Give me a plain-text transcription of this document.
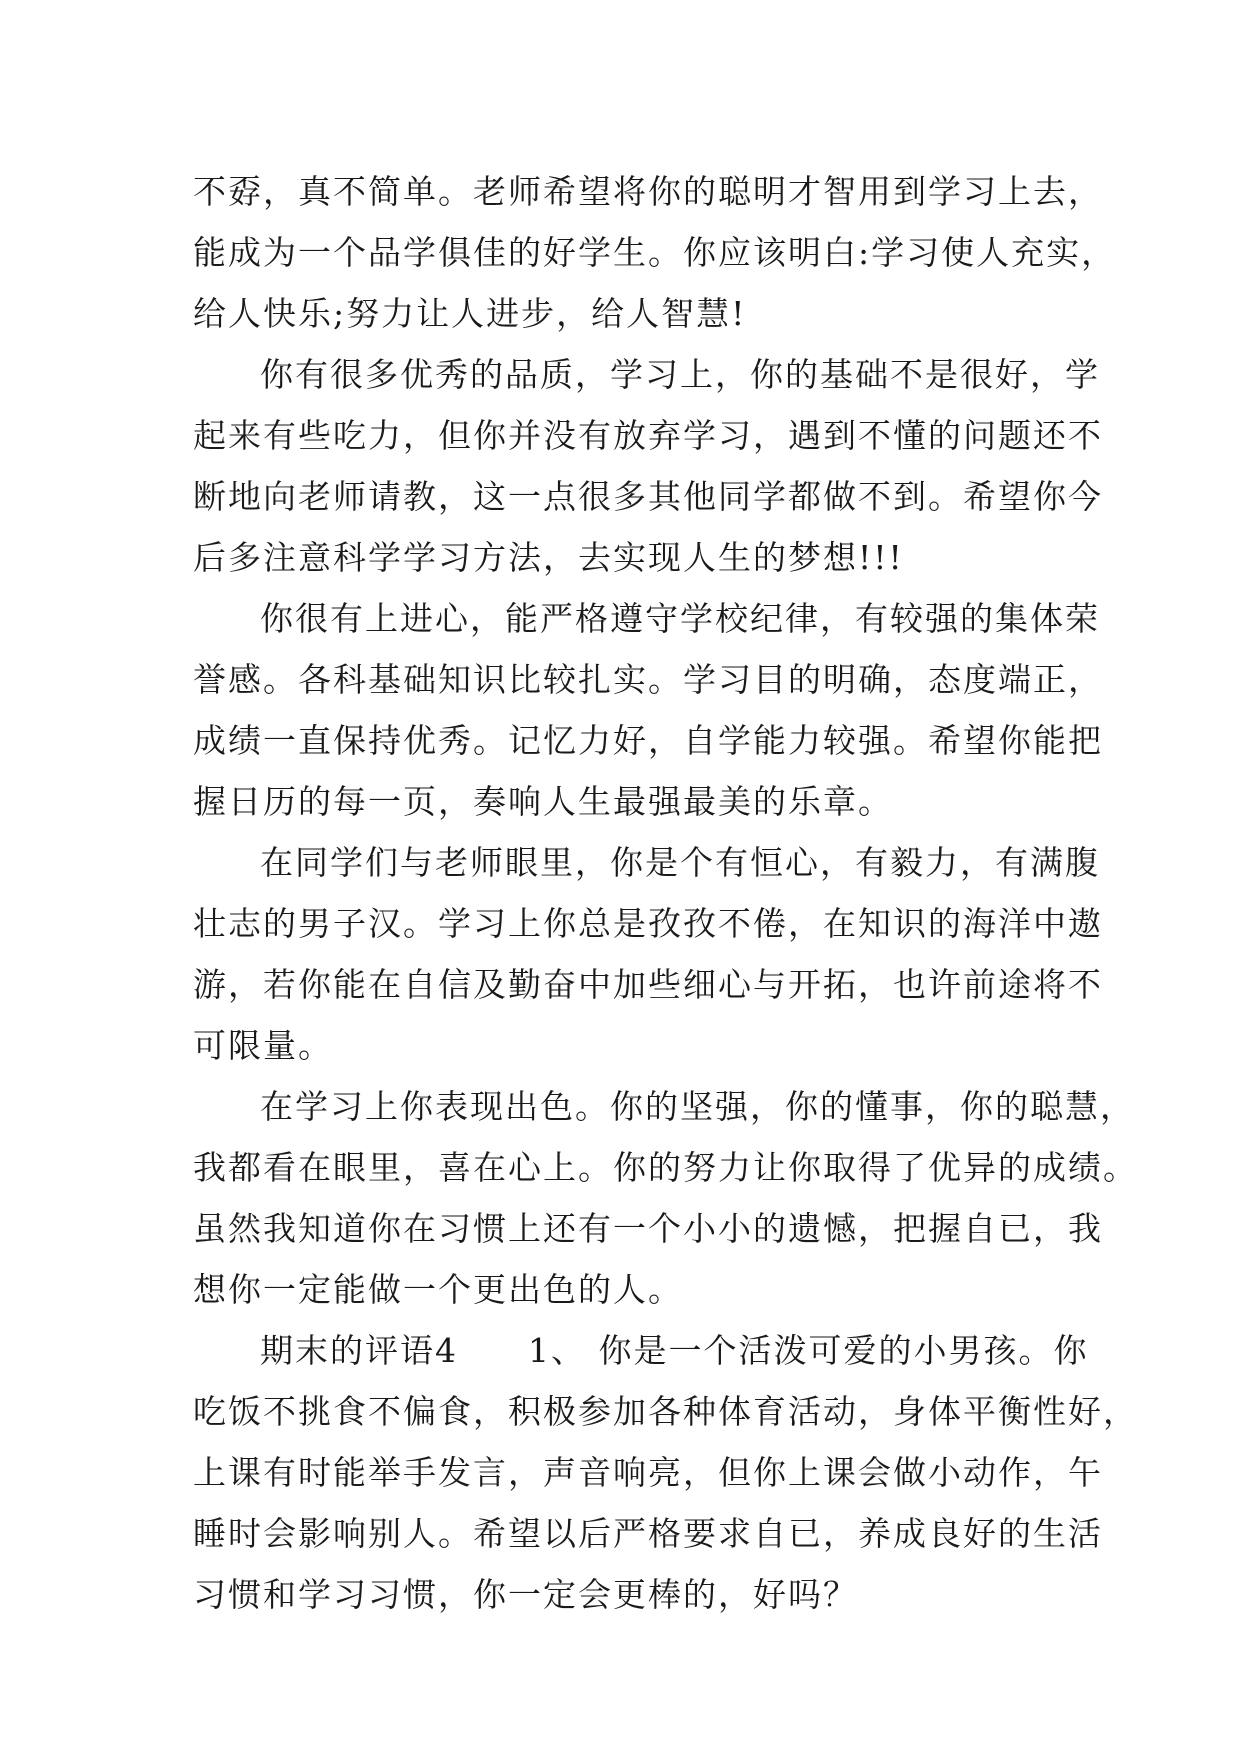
不孬，真不简单。老师希望将你的聪明才智用到学习上去，
能成为一个品学俱佳的好学生。你应该明白:学习使人充实，
给人快乐;努力让人进步，给人智慧!
你有很多优秀的品质，学习上，你的基础不是很好，学
起来有些吃力，但你并没有放弃学习，遇到不懂的问题还不
断地向老师请教，这一点很多其他同学都做不到。希望你今
后多注意科学学习方法，去实现人生的梦想!!!
你很有上进心，能严格遵守学校纪律，有较强的集体荣
誉感。各科基础知识比较扎实。学习目的明确，态度端正，
成绩一直保持优秀。记忆力好，自学能力较强。希望你能把
握日历的每一页，奏响人生最强最美的乐章。
在同学们与老师眼里，你是个有恒心，有毅力，有满腹
壮志的男子汉。学习上你总是孜孜不倦，在知识的海洋中遨
游，若你能在自信及勤奋中加些细心与开拓，也许前途将不
可限量。
在学习上你表现出色。你的坚强，你的懂事，你的聪慧，
我都看在眼里，喜在心上。你的努力让你取得了优异的成绩。
虽然我知道你在习惯上还有一个小小的遗憾，把握自已，我
想你一定能做一个更出色的人。
期末的评语4　　1、 你是一个活泼可爱的小男孩。你
吃饭不挑食不偏食，积极参加各种体育活动，身体平衡性好，
上课有时能举手发言，声音响亮，但你上课会做小动作，午
睡时会影响别人。希望以后严格要求自已，养成良好的生活
习惯和学习习惯，你一定会更棒的，好吗？
